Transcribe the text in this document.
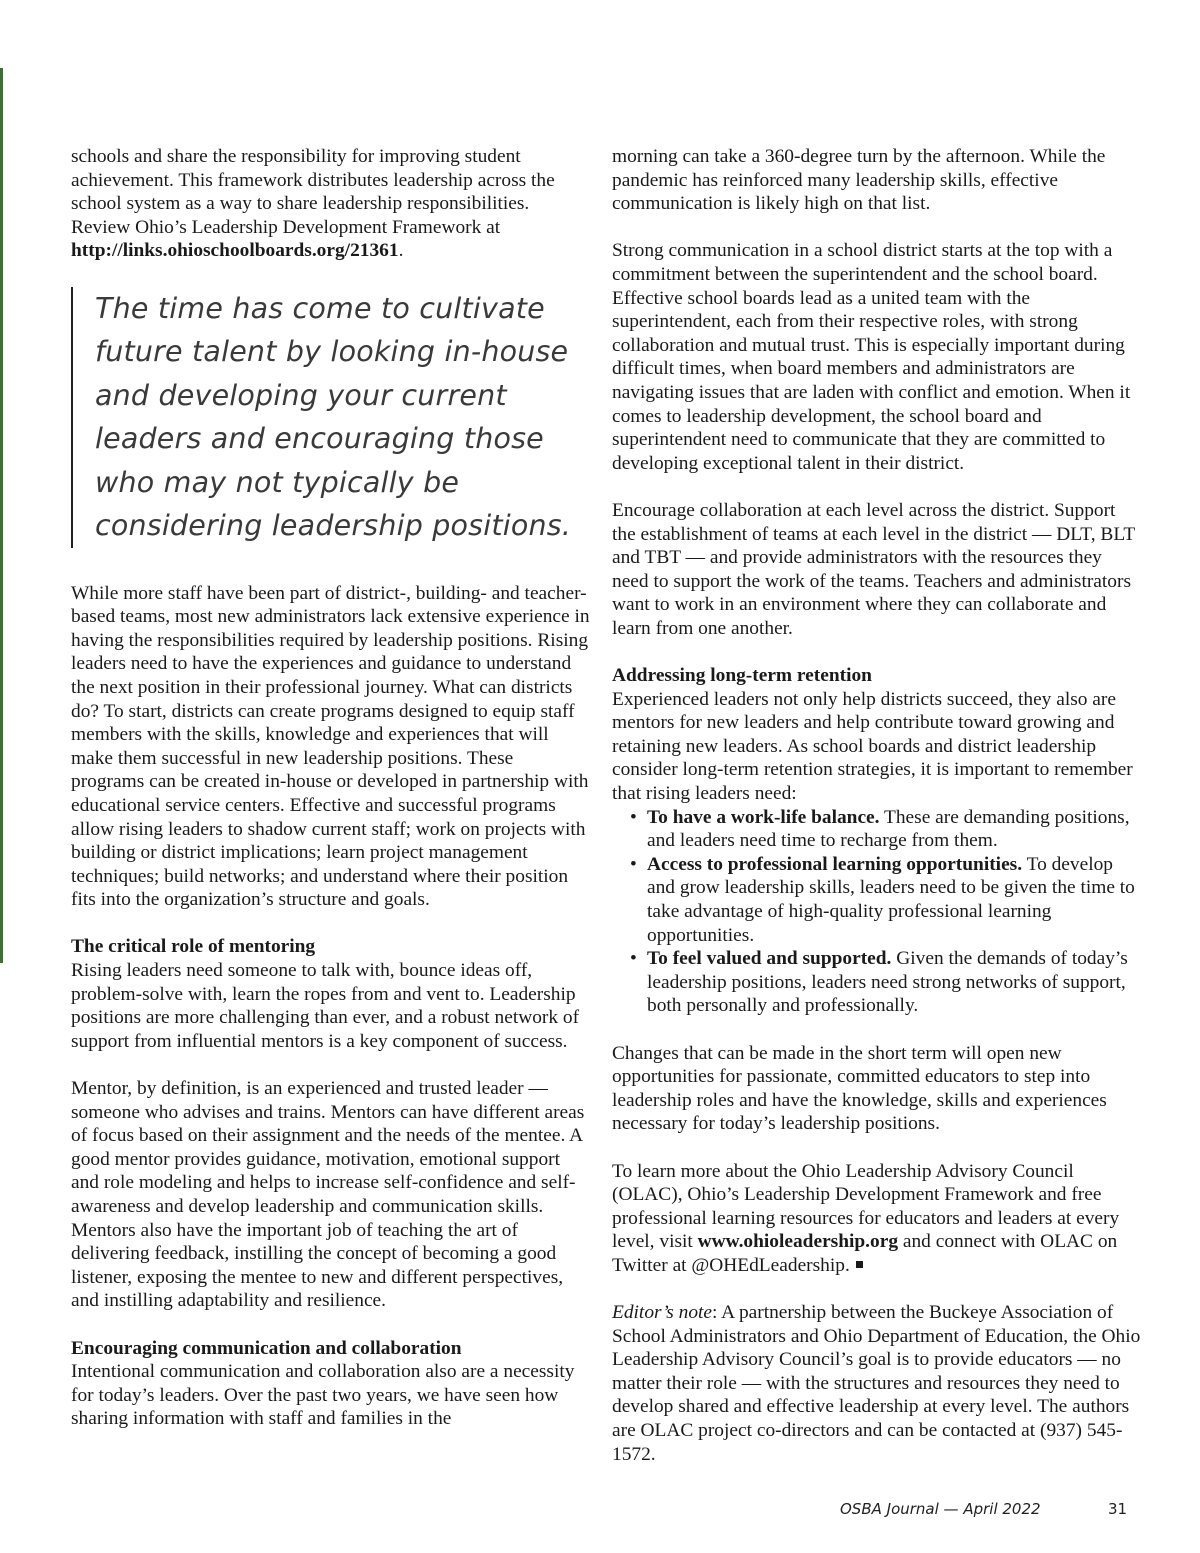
schools and share the responsibility for improving student achievement. This framework distributes leadership across the school system as a way to share leadership responsibilities. Review Ohio’s Leadership Development Framework at http://links.ohioschoolboards.org/21361.

The time has come to cultivate future talent by looking in-house and developing your current leaders and encouraging those who may not typically be considering leadership positions.

While more staff have been part of district-, building- and teacher-based teams, most new administrators lack extensive experience in having the responsibilities required by leadership positions. Rising leaders need to have the experiences and guidance to understand the next position in their professional journey. What can districts do? To start, districts can create programs designed to equip staff members with the skills, knowledge and experiences that will make them successful in new leadership positions. These programs can be created in-house or developed in partnership with educational service centers. Effective and successful programs allow rising leaders to shadow current staff; work on projects with building or district implications; learn project management techniques; build networks; and understand where their position fits into the organization’s structure and goals.

The critical role of mentoring

Rising leaders need someone to talk with, bounce ideas off, problem-solve with, learn the ropes from and vent to. Leadership positions are more challenging than ever, and a robust network of support from influential mentors is a key component of success.

Mentor, by definition, is an experienced and trusted leader — someone who advises and trains. Mentors can have different areas of focus based on their assignment and the needs of the mentee. A good mentor provides guidance, motivation, emotional support and role modeling and helps to increase self-confidence and self-awareness and develop leadership and communication skills. Mentors also have the important job of teaching the art of delivering feedback, instilling the concept of becoming a good listener, exposing the mentee to new and different perspectives, and instilling adaptability and resilience.

Encouraging communication and collaboration

Intentional communication and collaboration also are a necessity for today’s leaders. Over the past two years, we have seen how sharing information with staff and families in the

morning can take a 360-degree turn by the afternoon. While the pandemic has reinforced many leadership skills, effective communication is likely high on that list.

Strong communication in a school district starts at the top with a commitment between the superintendent and the school board. Effective school boards lead as a united team with the superintendent, each from their respective roles, with strong collaboration and mutual trust. This is especially important during difficult times, when board members and administrators are navigating issues that are laden with conflict and emotion. When it comes to leadership development, the school board and superintendent need to communicate that they are committed to developing exceptional talent in their district.

Encourage collaboration at each level across the district. Support the establishment of teams at each level in the district — DLT, BLT and TBT — and provide administrators with the resources they need to support the work of the teams. Teachers and administrators want to work in an environment where they can collaborate and learn from one another.

Addressing long-term retention

Experienced leaders not only help districts succeed, they also are mentors for new leaders and help contribute toward growing and retaining new leaders. As school boards and district leadership consider long-term retention strategies, it is important to remember that rising leaders need:

• To have a work-life balance. These are demanding positions, and leaders need time to recharge from them.
• Access to professional learning opportunities. To develop and grow leadership skills, leaders need to be given the time to take advantage of high-quality professional learning opportunities.
• To feel valued and supported. Given the demands of today’s leadership positions, leaders need strong networks of support, both personally and professionally.

Changes that can be made in the short term will open new opportunities for passionate, committed educators to step into leadership roles and have the knowledge, skills and experiences necessary for today’s leadership positions.

To learn more about the Ohio Leadership Advisory Council (OLAC), Ohio’s Leadership Development Framework and free professional learning resources for educators and leaders at every level, visit www.ohioleadership.org and connect with OLAC on Twitter at @OHEdLeadership.

Editor’s note: A partnership between the Buckeye Association of School Administrators and Ohio Department of Education, the Ohio Leadership Advisory Council’s goal is to provide educators — no matter their role — with the structures and resources they need to develop shared and effective leadership at every level. The authors are OLAC project co-directors and can be contacted at (937) 545-1572.

OSBA Journal — April 2022	31
